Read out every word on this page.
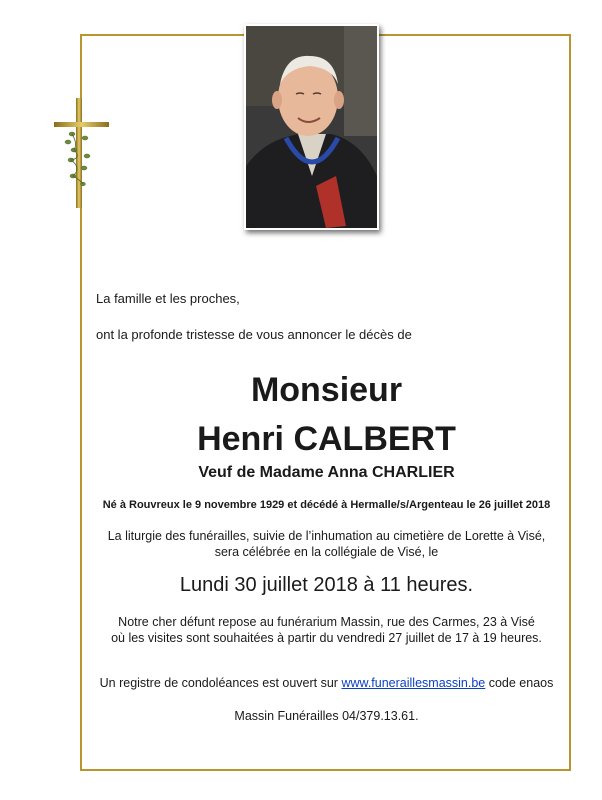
La famille et les proches,
ont la profonde tristesse de vous annoncer le décès de
Monsieur
Henri CALBERT
Veuf de Madame Anna CHARLIER
Né à Rouvreux le 9 novembre 1929 et décédé à Hermalle/s/Argenteau le 26 juillet 2018
La liturgie des funérailles, suivie de l’inhumation au cimetière de Lorette à Visé,
sera célébrée en la collégiale de Visé, le
Lundi 30 juillet 2018 à 11 heures.
Notre cher défunt repose au funérarium Massin, rue des Carmes, 23 à Visé
où les visites sont souhaitées à partir du vendredi 27 juillet de 17 à 19 heures.
Un registre de condoléances est ouvert sur www.funeraillesmassin.be code enaos
Massin Funérailles 04/379.13.61.
